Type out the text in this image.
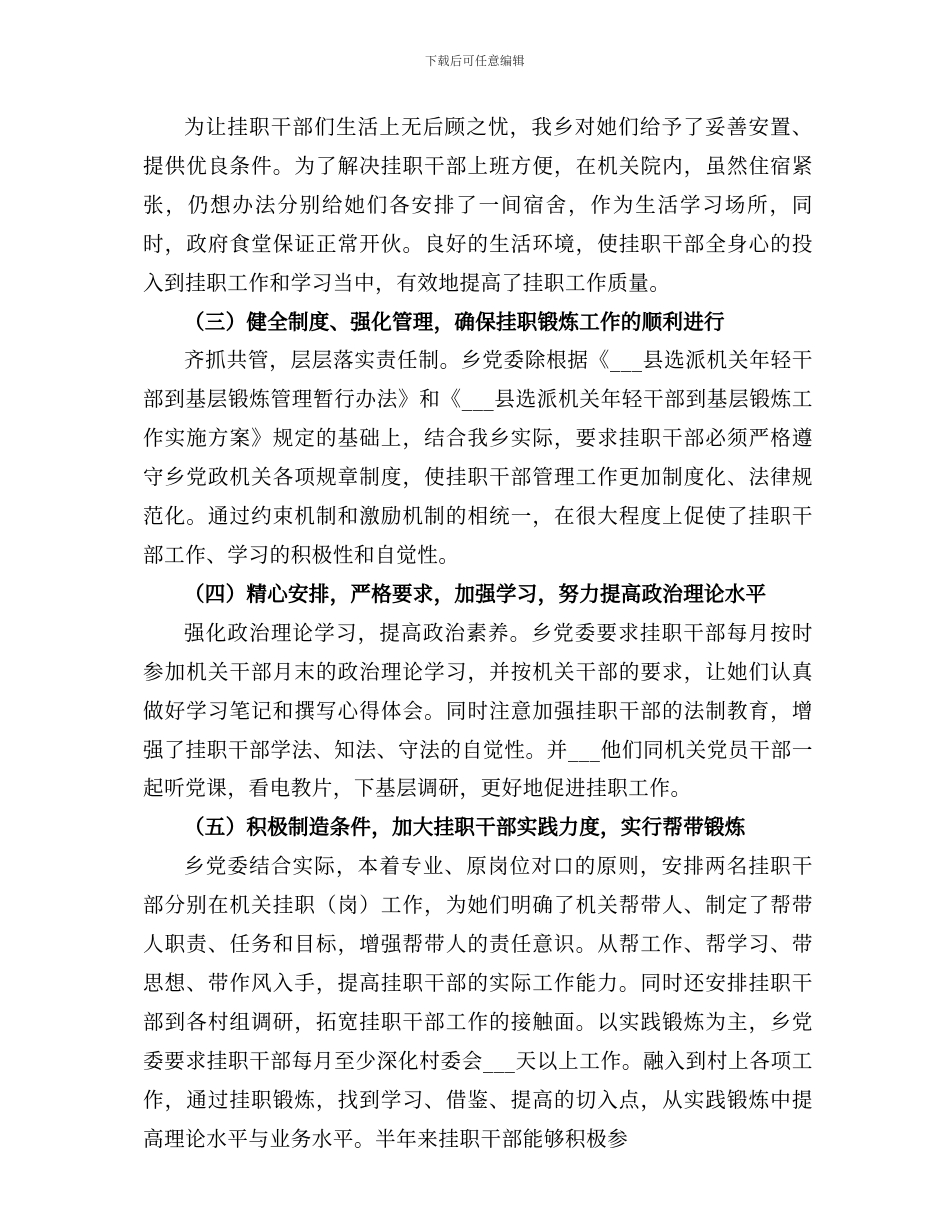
下载后可任意编辑

为让挂职干部们生活上无后顾之忧，我乡对她们给予了妥善安置、提供优良条件。为了解决挂职干部上班方便，在机关院内，虽然住宿紧张，仍想办法分别给她们各安排了一间宿舍，作为生活学习场所，同时，政府食堂保证正常开伙。良好的生活环境，使挂职干部全身心的投入到挂职工作和学习当中，有效地提高了挂职工作质量。

（三）健全制度、强化管理，确保挂职锻炼工作的顺利进行

齐抓共管，层层落实责任制。乡党委除根据《___县选派机关年轻干部到基层锻炼管理暂行办法》和《___县选派机关年轻干部到基层锻炼工作实施方案》规定的基础上，结合我乡实际，要求挂职干部必须严格遵守乡党政机关各项规章制度，使挂职干部管理工作更加制度化、法律规范化。通过约束机制和激励机制的相统一，在很大程度上促使了挂职干部工作、学习的积极性和自觉性。

（四）精心安排，严格要求，加强学习，努力提高政治理论水平

强化政治理论学习，提高政治素养。乡党委要求挂职干部每月按时参加机关干部月末的政治理论学习，并按机关干部的要求，让她们认真做好学习笔记和撰写心得体会。同时注意加强挂职干部的法制教育，增强了挂职干部学法、知法、守法的自觉性。并___他们同机关党员干部一起听党课，看电教片，下基层调研，更好地促进挂职工作。

（五）积极制造条件，加大挂职干部实践力度，实行帮带锻炼

乡党委结合实际，本着专业、原岗位对口的原则，安排两名挂职干部分别在机关挂职（岗）工作，为她们明确了机关帮带人、制定了帮带人职责、任务和目标，增强帮带人的责任意识。从帮工作、帮学习、带思想、带作风入手，提高挂职干部的实际工作能力。同时还安排挂职干部到各村组调研，拓宽挂职干部工作的接触面。以实践锻炼为主，乡党委要求挂职干部每月至少深化村委会___天以上工作。融入到村上各项工作，通过挂职锻炼，找到学习、借鉴、提高的切入点，从实践锻炼中提高理论水平与业务水平。半年来挂职干部能够积极参
